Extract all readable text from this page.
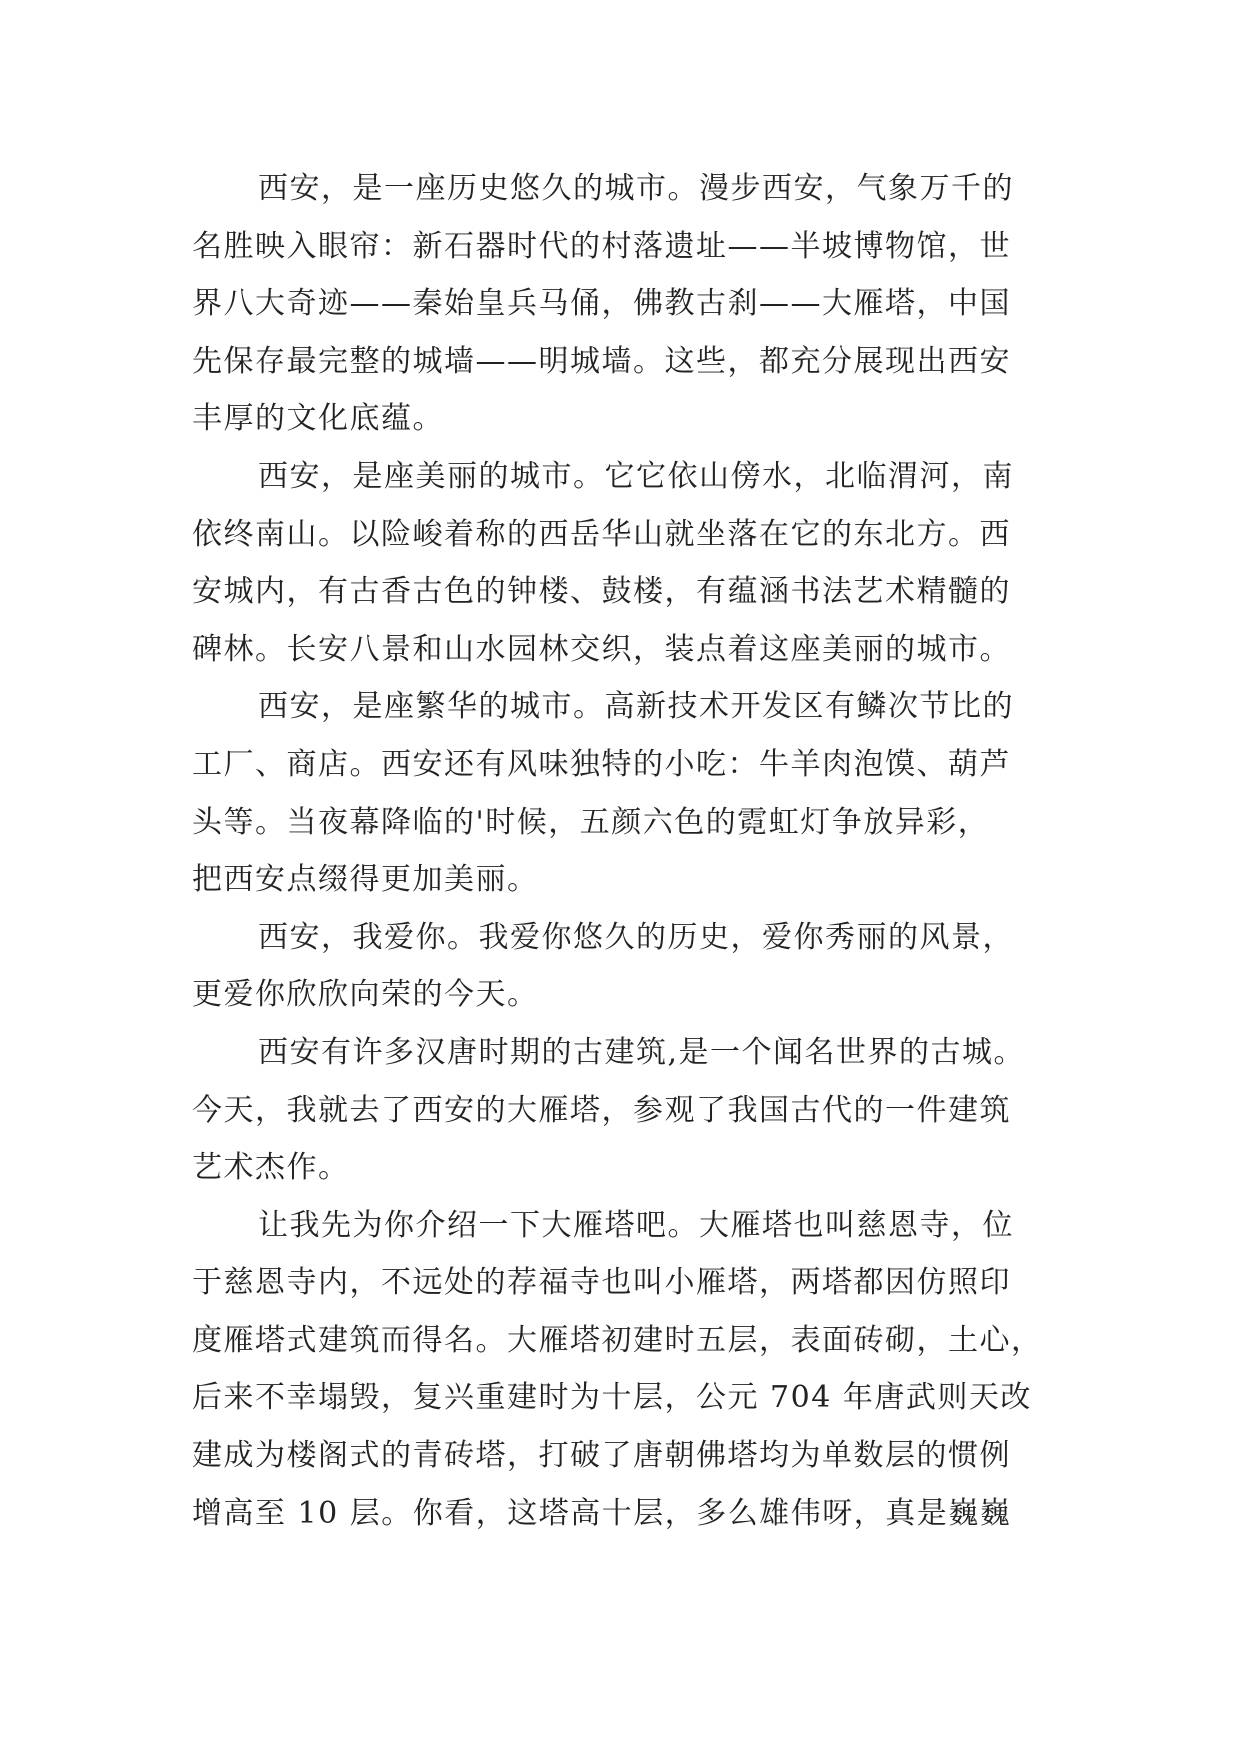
西安，是一座历史悠久的城市。漫步西安，气象万千的
名胜映入眼帘：新石器时代的村落遗址——半坡博物馆，世
界八大奇迹——秦始皇兵马俑，佛教古刹——大雁塔，中国
先保存最完整的城墙——明城墙。这些，都充分展现出西安
丰厚的文化底蕴。
西安，是座美丽的城市。它它依山傍水，北临渭河，南
依终南山。以险峻着称的西岳华山就坐落在它的东北方。西
安城内，有古香古色的钟楼、鼓楼，有蕴涵书法艺术精髓的
碑林。长安八景和山水园林交织，装点着这座美丽的城市。
西安，是座繁华的城市。高新技术开发区有鳞次节比的
工厂、商店。西安还有风味独特的小吃：牛羊肉泡馍、葫芦
头等。当夜幕降临的'时候，五颜六色的霓虹灯争放异彩，
把西安点缀得更加美丽。
西安，我爱你。我爱你悠久的历史，爱你秀丽的风景，
更爱你欣欣向荣的今天。
西安有许多汉唐时期的古建筑,是一个闻名世界的古城。
今天，我就去了西安的大雁塔，参观了我国古代的一件建筑
艺术杰作。
让我先为你介绍一下大雁塔吧。大雁塔也叫慈恩寺，位
于慈恩寺内，不远处的荐福寺也叫小雁塔，两塔都因仿照印
度雁塔式建筑而得名。大雁塔初建时五层，表面砖砌，土心，
后来不幸塌毁，复兴重建时为十层，公元 704 年唐武则天改
建成为楼阁式的青砖塔，打破了唐朝佛塔均为单数层的惯例
增高至 10 层。你看，这塔高十层，多么雄伟呀，真是巍巍
